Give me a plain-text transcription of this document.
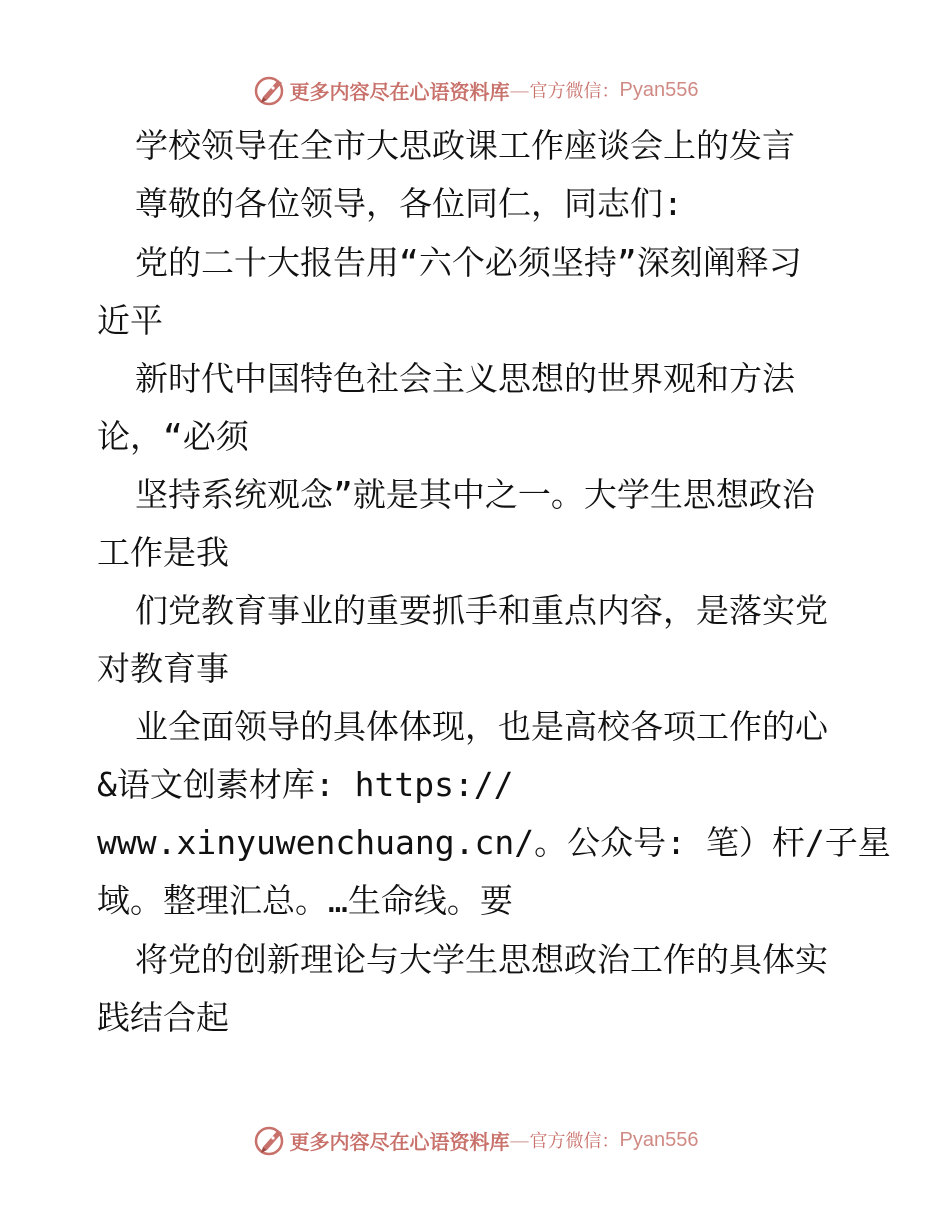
更多内容尽在心语资料库 — 官方微信： Pyan556

学校领导在全市大思政课工作座谈会上的发言

尊敬的各位领导，各位同仁，同志们:

党的二十大报告用“六个必须坚持”深刻阐释习

近平

新时代中国特色社会主义思想的世界观和方法

论，“必须

坚持系统观念”就是其中之一。大学生思想政治

工作是我

们党教育事业的重要抓手和重点内容，是落实党

对教育事

业全面领导的具体体现，也是高校各项工作的心

&语文创素材库: https://

www.xinyuwenchuang.cn/。公众号: 笔）杆/子星

域。整理汇总。…生命线。要

将党的创新理论与大学生思想政治工作的具体实

践结合起

更多内容尽在心语资料库 — 官方微信： Pyan556
